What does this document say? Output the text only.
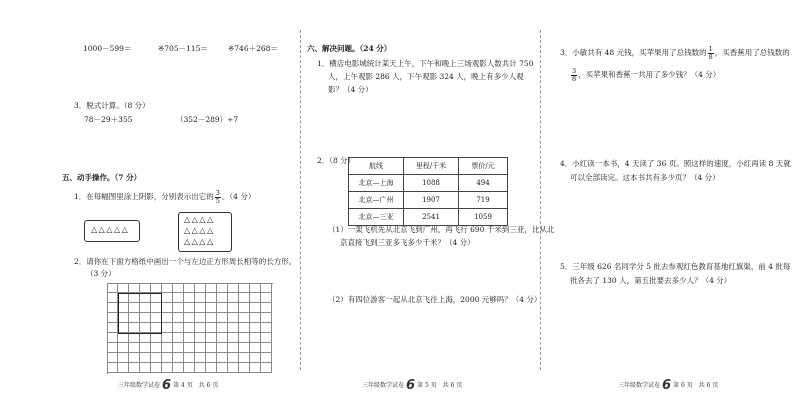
1000－599＝	※705－115＝	※746＋268＝
3．脱式计算。（8 分）
78－29＋355	（352－289）÷7
五、动手操作。（7 分）
1．在每幅图里涂上阴影，分别表示出它的 $\frac{3}{5}$ 。（4 分）
△△△△△
△△△△
△△△△
△△△△
2．请你在下面方格纸中画出一个与左边正方形周长相等的长方形。
（3 分）
三年级数学试卷 6 第 4 页　共 6 页
六、解决问题。（24 分）
1．横店电影城统计某天上午，下午和晚上三场观影人数共计 750
人，上午观影 286 人，下午观影 324 人，晚上有多少人观
影？（4 分）
2．（8 分）
航线	里程/千米	票价/元
北京—上海	1088	494
北京—广州	1907	719
北京—三亚	2541	1059
（1）一架飞机先从北京飞到广州，再飞行 690 千米到三亚，比从北
京直接飞到三亚多飞多少千米？（4 分）
（2）有四位游客一起从北京飞往上海，2000 元够吗？（4 分）
三年级数学试卷 6 第 5 页　共 6 页
3．小敏共有 48 元钱，买苹果用了总钱数的 $\frac{1}{8}$ ，买香蕉用了总钱数的
$\frac{3}{8}$ ，买苹果和香蕉一共用了多少钱？（4 分）
4．小红读一本书，4 天读了 36 页。照这样的速度，小红再读 8 天就
可以全部读完。这本书共有多少页？（4 分）
5．三年级 626 名同学分 5 批去参观红色教育基地红旗渠，前 4 批每
批各去了 130 人，第五批要去多少人？（4 分）
三年级数学试卷 6 第 6 页　共 6 页
